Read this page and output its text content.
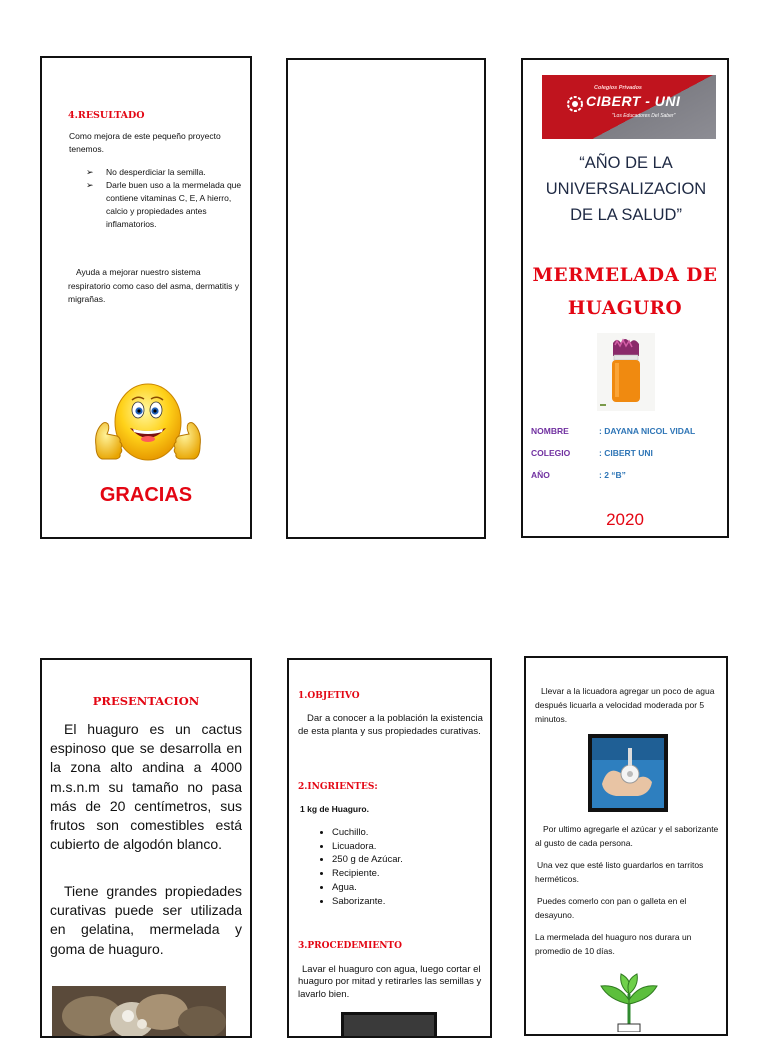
4.RESULTADO
Como mejora de este pequeño proyecto tenemos.
➢ No desperdiciar la semilla.
➢ Darle buen uso a la mermelada que contiene vitaminas C, E, A hierro, calcio y propiedades antes inflamatorios.
Ayuda a mejorar nuestro sistema respiratorio como caso del asma, dermatitis y migrañas.
GRACIAS
Colegios Privados
CIBERT - UNI
"Los Educadores Del Saber"
“AÑO DE LA UNIVERSALIZACION DE LA SALUD”
MERMELADA DE
HUAGURO
NOMBRE	: DAYANA NICOL VIDAL
COLEGIO	: CIBERT UNI
AÑO	: 2 “B”
2020
PRESENTACION
El huaguro es un cactus espinoso que se desarrolla en la zona alto andina a 4000 m.s.n.m su tamaño no pasa más de 20 centímetros, sus frutos son comestibles está cubierto de algodón blanco.
Tiene grandes propiedades curativas puede ser utilizada en gelatina, mermelada y goma de huaguro.
1.OBJETIVO
Dar a conocer a la población la existencia de esta planta y sus propiedades curativas.
2.INGRIENTES:
1 kg de Huaguro.
• Cuchillo.
• Licuadora.
• 250 g de Azúcar.
• Recipiente.
• Agua.
• Saborizante.
3.PROCEDEMIENTO
Lavar el huaguro con agua, luego cortar el huaguro por mitad y retirarles las semillas y lavarlo bien.
Llevar a la licuadora agregar un poco de agua después licuarla a velocidad moderada por 5 minutos.
Por ultimo agregarle el azúcar y el saborizante al gusto de cada persona.
Una vez que esté listo guardarlos en tarritos herméticos.
Puedes comerlo con pan o galleta en el desayuno.
La mermelada del huaguro nos durara un promedio de 10 días.
